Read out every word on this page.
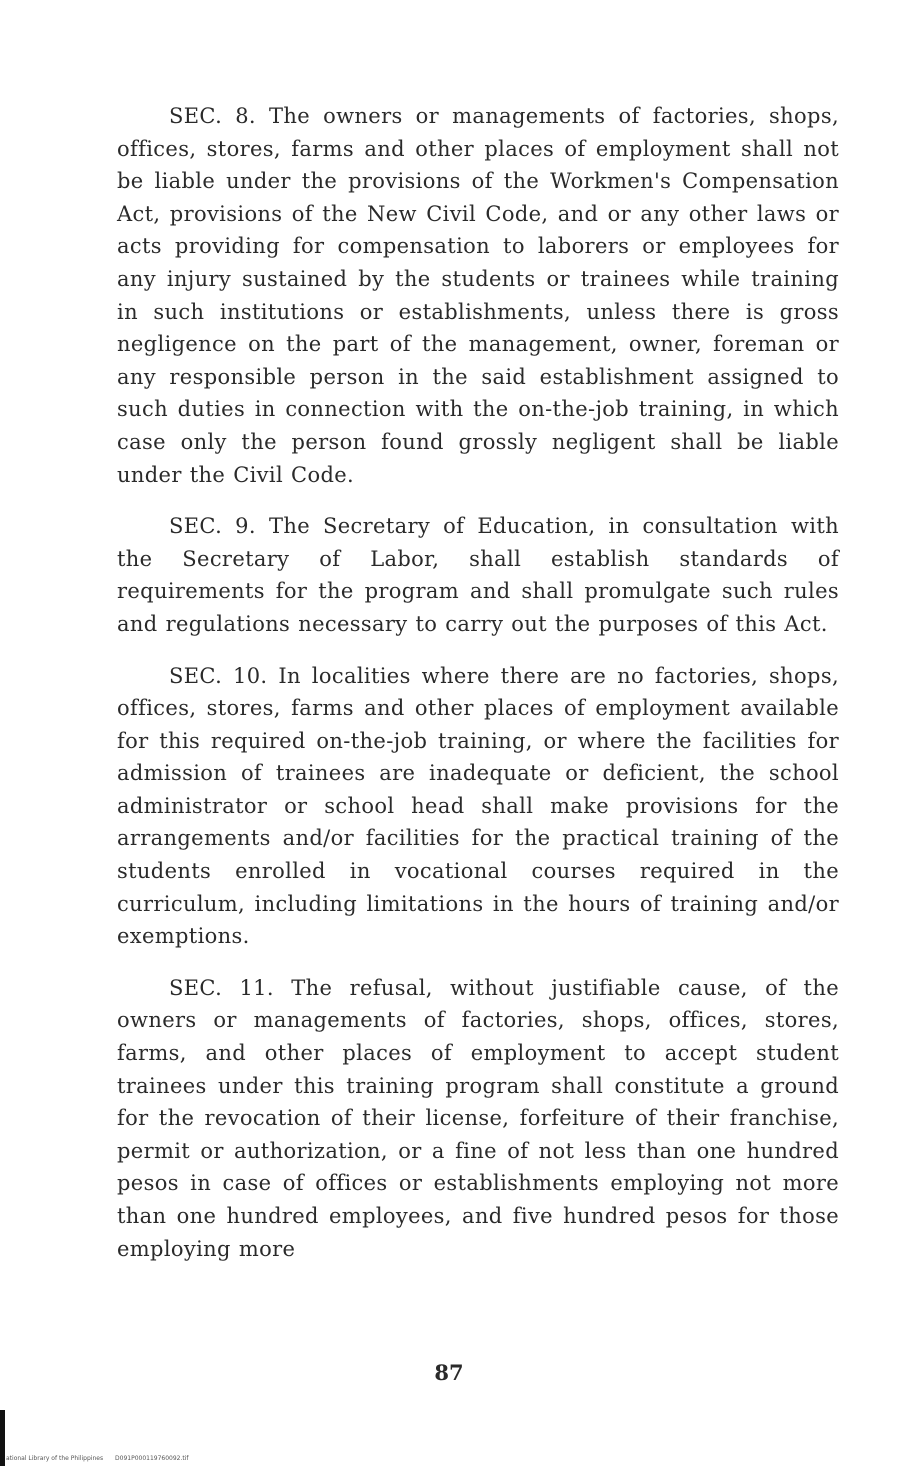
SEC. 8. The owners or managements of factories, shops, offices, stores, farms and other places of employment shall not be liable under the provisions of the Workmen's Compensation Act, provisions of the New Civil Code, and or any other laws or acts providing for compensation to laborers or employees for any injury sustained by the students or trainees while training in such institutions or establishments, unless there is gross negligence on the part of the management, owner, foreman or any responsible person in the said establishment assigned to such duties in connection with the on-the-job training, in which case only the person found grossly negligent shall be liable under the Civil Code.

SEC. 9. The Secretary of Education, in consultation with the Secretary of Labor, shall establish standards of requirements for the program and shall promulgate such rules and regulations necessary to carry out the purposes of this Act.

SEC. 10. In localities where there are no factories, shops, offices, stores, farms and other places of employment available for this required on-the-job training, or where the facilities for admission of trainees are inadequate or deficient, the school administrator or school head shall make provisions for the arrangements and/or facilities for the practical training of the students enrolled in vocational courses required in the curriculum, including limitations in the hours of training and/or exemptions.

SEC. 11. The refusal, without justifiable cause, of the owners or managements of factories, shops, offices, stores, farms, and other places of employment to accept student trainees under this training program shall constitute a ground for the revocation of their license, forfeiture of their franchise, permit or authorization, or a fine of not less than one hundred pesos in case of offices or establishments employing not more than one hundred employees, and five hundred pesos for those employing more

87
ational Library of the Philippines D091P000119760092.tif
